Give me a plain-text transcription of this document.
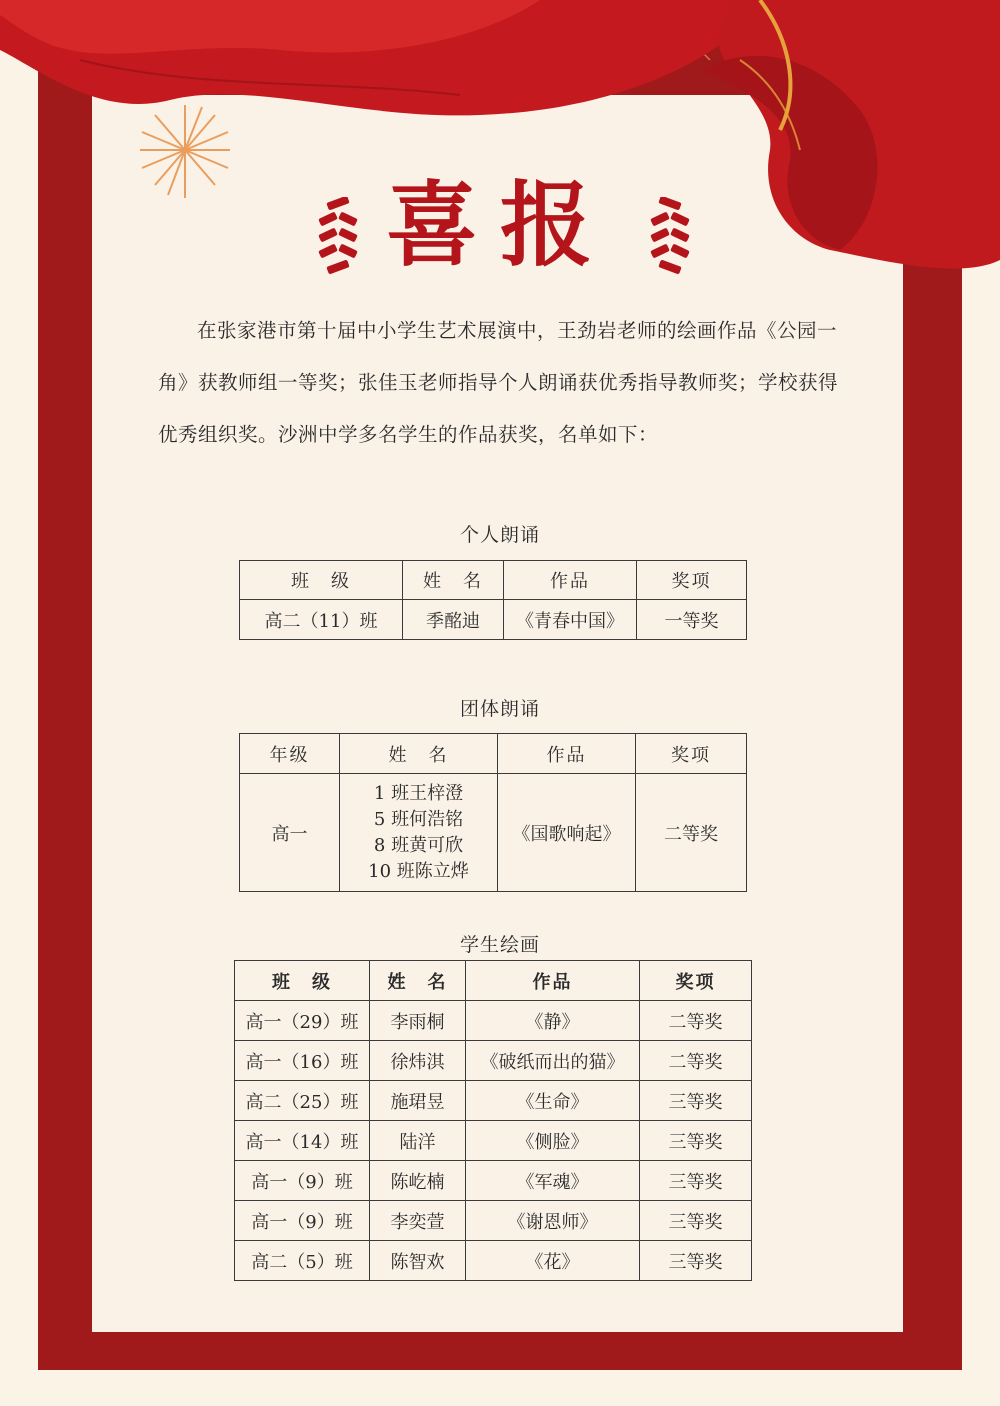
喜报

在张家港市第十届中小学生艺术展演中，王劲岩老师的绘画作品《公园一角》获教师组一等奖；张佳玉老师指导个人朗诵获优秀指导教师奖；学校获得优秀组织奖。沙洲中学多名学生的作品获奖，名单如下：

个人朗诵
班　级	姓　名	作品	奖项
高二（11）班	季酩迪	《青春中国》	一等奖
团体朗诵
年级	姓　名	作品	奖项
高一	1 班王梓澄
5 班何浩铭
8 班黄可欣
10 班陈立烨	《国歌响起》	二等奖
学生绘画
班　级	姓　名	作品	奖项
高一（29）班	李雨桐	《静》	二等奖
高一（16）班	徐炜淇	《破纸而出的猫》	二等奖
高二（25）班	施珺昱	《生命》	三等奖
高一（14）班	陆洋	《侧脸》	三等奖
高一（9）班	陈屹楠	《军魂》	三等奖
高一（9）班	李奕萱	《谢恩师》	三等奖
高二（5）班	陈智欢	《花》	三等奖
